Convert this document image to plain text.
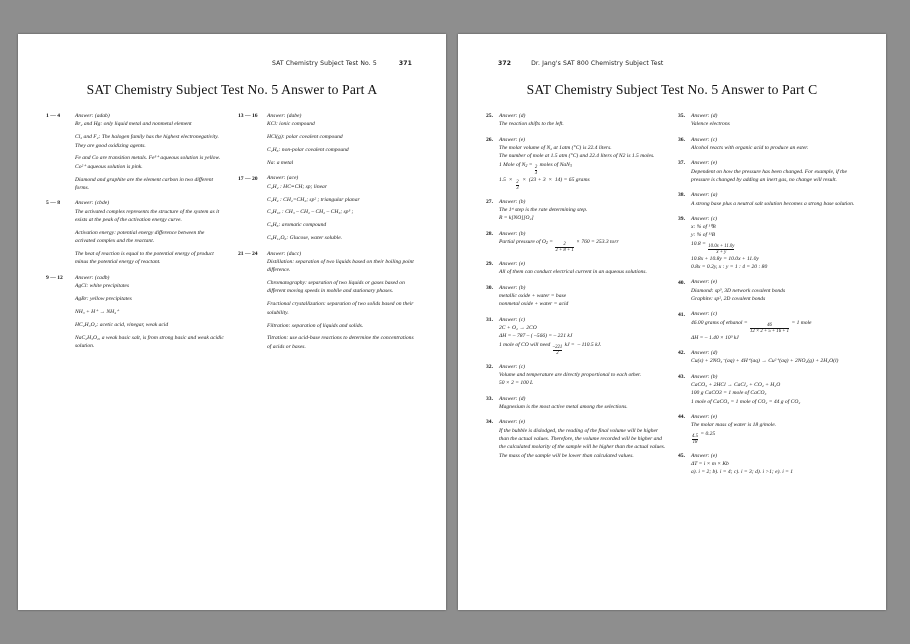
SAT Chemistry Subject Test No. 5	371
SAT Chemistry Subject Test No. 5 Answer to Part A
1 — 4	Answer: (adab)

Br₂ and Hg: only liquid metal and nonmetal element

Cl₂ and F₂: The halogen family has the highest electronegativity. They are good oxidizing agents.

Fe and Co are transition metals. Fe³⁺ aqueous solution is yellow. Co²⁺ aqueous solution is pink.

Diamond and graphite are the element carbon in two different forms.

5 — 8	Answer: (cbde)

The activated complex represents the structure of the system as it exists at the peak of the activation energy curve.

Activation energy: potential energy difference between the activated complex and the reactant.

The heat of reaction is equal to the potential energy of product minus the potential energy of reactant.

9 — 12	Answer: (cadb)

AgCl: white precipitates

AgBr: yellow precipitates

NH₃ + H⁺ → NH₄⁺

HC₂H₃O₂: acetic acid, vinegar, weak acid

NaC₂H₃O₂, a weak basic salt, is from strong basic and weak acidic solution.

13 — 16	Answer: (dabe)

KCl: ionic compound

HCl(g): polar covalent compound

C₂H₆: non-polar covalent compound

Na: a metal

17 — 20	Answer: (ace)

C₂H₂ : HC≡CH; sp; linear

C₂H₄ : CH₂=CH₂; sp² ; triangular planar

C₄H₁₀ : CH₃ – CH₂ – CH₂ – CH₃; sp³ ;

C₆H₆: aromatic compound

C₆H₁₂O₆: Glucose, water soluble.

21 — 24	Answer: (ducc)

Distillation: separation of two liquids based on their boiling point difference.

Chromatography: separation of two liquids or gases based on different moving speeds in mobile and stationary phases.

Fractional crystallization: separation of two solids based on their solubility.

Filtration: separation of liquids and solids.

Titration: use acid-base reactions to determine the concentrations of acids or bases.

372	Dr. Jang's SAT 800 Chemistry Subject Test
SAT Chemistry Subject Test No. 5 Answer to Part C
25.	Answer: (d)

The reaction shifts to the left.

26.	Answer: (e)

The molar volume of N₂ at 1atm (°C) is 22.4 liters.

The number of mole at 1.5 atm (°C) and 22.4 liters of N2 is 1.5 moles.

1 Mole of $N_2 = \frac{2}{3}$ moles of NaN$_3$

$1.5 \times \frac{2}{3} \times (23 + 3 \times 14) = 65$ grams

27.	Answer: (b)

The 1ˢᵗ step is the rate determining step.

R = k[NO][O₂]

28.	Answer: (b)

Partial pressure of $O_2 = \frac{2}{2 + 8 + 1} \times 760 = 253.3$ torr

29.	Answer: (e)

All of them can conduct electrical current in an aqueous solutions.

30.	Answer: (b)

metallic oxide + water = base

nonmetal oxide + water = acid

31.	Answer: (c)

2C + O₂ → 2CO

ΔH = – 787 – ( –566) = – 221 kJ

1 mole of CO will need $\frac{-221}{2}$ kJ =  – 110.5 kJ.

32.	Answer: (c)

Volume and temperature are directly proportional to each other.

50 × 2 = 100 L

33.	Answer: (d)

Magnesium is the most active metal among the selections.

34.	Answer: (e)

If the bubble is dislodged, the reading of the final volume will be higher than the actual values. Therefore, the volume recorded will be higher and the calculated molarity of the sample will be higher than the actual values. The mass of the sample will be lower than calculated values.

35.	Answer: (d)

Valence electrons

36.	Answer: (c)

Alcohol reacts with organic acid to produce an ester.

37.	Answer: (e)

Dependent on how the pressure has been changed. For example, if the pressure is changed by adding an inert gas, no change will result.

38.	Answer: (a)

A strong base plus a neutral salt solution becomes a strong base solution.

39.	Answer: (c)

x: % of ¹⁰B

y: % of ¹¹B

$10.8 = \frac{10.0x + 11.0y}{x + y}$

10.8x + 10.8y = 10.0x + 11.0y

0.8x = 0.2y, x : y = 1 : 4 = 20 : 80

40.	Answer: (e)

Diamond: sp³, 3D network covalent bonds

Graphite: sp², 2D covalent bonds

41.	Answer: (c)

46.00 grams of ethanol = $\frac{46}{12 \times 2 + 5 + 16 + 1} = 1$ mole

ΔH = – 1.40 × 10³ kJ

42.	Answer: (d)

Cu(s) + 2NO₃⁻(aq) + 4H⁺(aq) → Cu²⁺(aq) + 2NO₂(g) + 2H₂O(l)

43.	Answer: (b)

CaCO₃ + 2HCl → CaCl₂ + CO₂ + H₂O

100 g CaCO3 = 1 mole of CaCO₃

1 mole of CaCO₃ = 1 mole of CO₂ = 44 g of CO₂

44.	Answer: (e)

The molar mass of water is 18 g/mole.

$\frac{4.5}{18} = 0.25$

45.	Answer: (e)

ΔT = i × m × Kb

a). i = 2; b). i = 4; c). i = 3; d). i >1; e). i = 1
